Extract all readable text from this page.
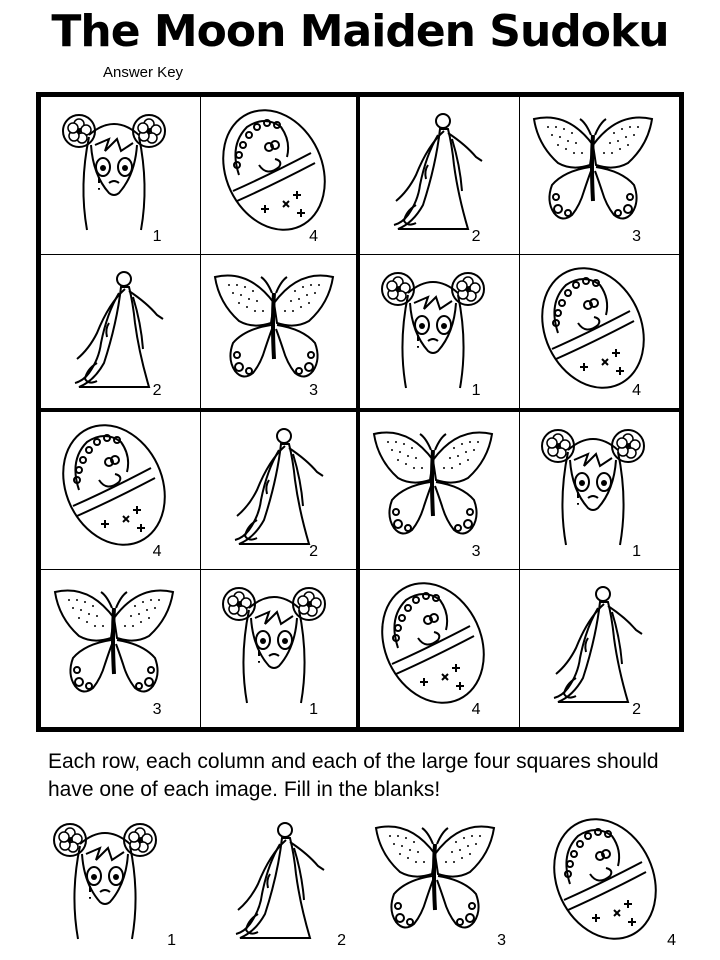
The Moon Maiden Sudoku
Answer Key
1	4	2	3
2	3	1	4
4	2	3	1
3	1	4	2
Each row, each column and each of the large four squares should have one of each image. Fill in the blanks!
1	2	3	4
